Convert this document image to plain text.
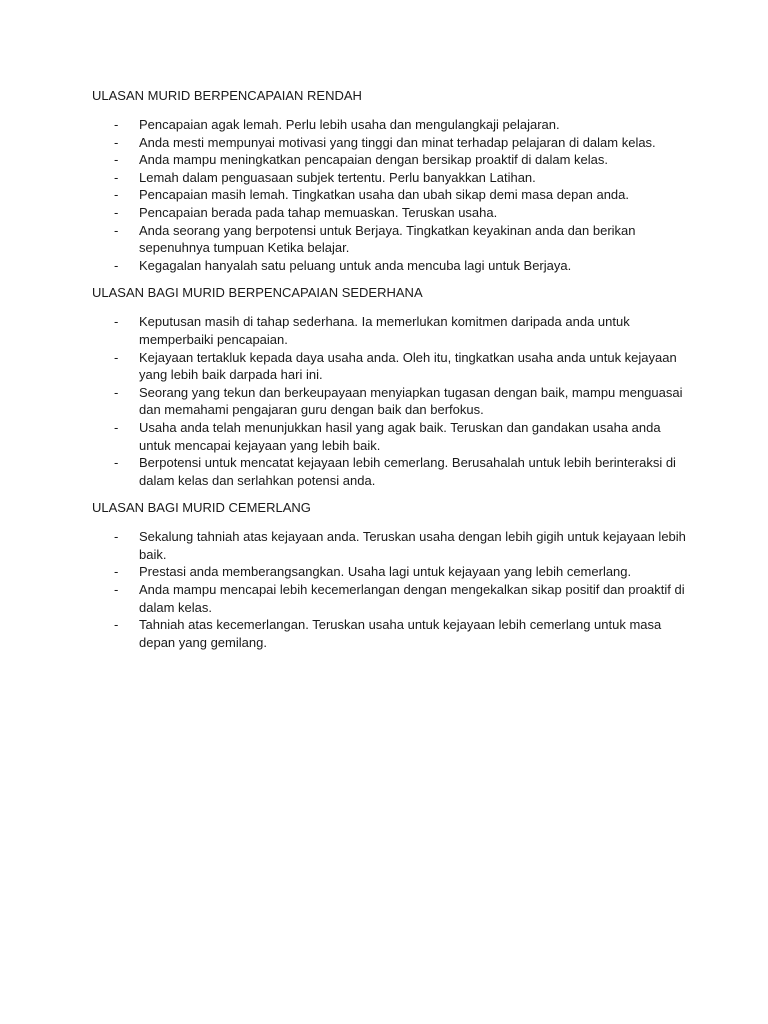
ULASAN MURID BERPENCAPAIAN RENDAH
- Pencapaian agak lemah. Perlu lebih usaha dan mengulangkaji pelajaran.
- Anda mesti mempunyai motivasi yang tinggi dan minat terhadap pelajaran di dalam kelas.
- Anda mampu meningkatkan pencapaian dengan bersikap proaktif di dalam kelas.
- Lemah dalam penguasaan subjek tertentu. Perlu banyakkan Latihan.
- Pencapaian masih lemah. Tingkatkan usaha dan ubah sikap demi masa depan anda.
- Pencapaian berada pada tahap memuaskan. Teruskan usaha.
- Anda seorang yang berpotensi untuk Berjaya. Tingkatkan keyakinan anda dan berikan sepenuhnya tumpuan Ketika belajar.
- Kegagalan hanyalah satu peluang untuk anda mencuba lagi untuk Berjaya.
ULASAN BAGI MURID BERPENCAPAIAN SEDERHANA
- Keputusan masih di tahap sederhana. Ia memerlukan komitmen daripada anda untuk memperbaiki pencapaian.
- Kejayaan tertakluk kepada daya usaha anda. Oleh itu, tingkatkan usaha anda untuk kejayaan yang lebih baik darpada hari ini.
- Seorang yang tekun dan berkeupayaan menyiapkan tugasan dengan baik, mampu menguasai dan memahami pengajaran guru dengan baik dan berfokus.
- Usaha anda telah menunjukkan hasil yang agak baik. Teruskan dan gandakan usaha anda untuk mencapai kejayaan yang lebih baik.
- Berpotensi untuk mencatat kejayaan lebih cemerlang. Berusahalah untuk lebih berinteraksi di dalam kelas dan serlahkan potensi anda.
ULASAN BAGI MURID CEMERLANG
- Sekalung tahniah atas kejayaan anda. Teruskan usaha dengan lebih gigih untuk kejayaan lebih baik.
- Prestasi anda memberangsangkan. Usaha lagi untuk kejayaan yang lebih cemerlang.
- Anda mampu mencapai lebih kecemerlangan dengan mengekalkan sikap positif dan proaktif di dalam kelas.
- Tahniah atas kecemerlangan. Teruskan usaha untuk kejayaan lebih cemerlang untuk masa depan yang gemilang.
